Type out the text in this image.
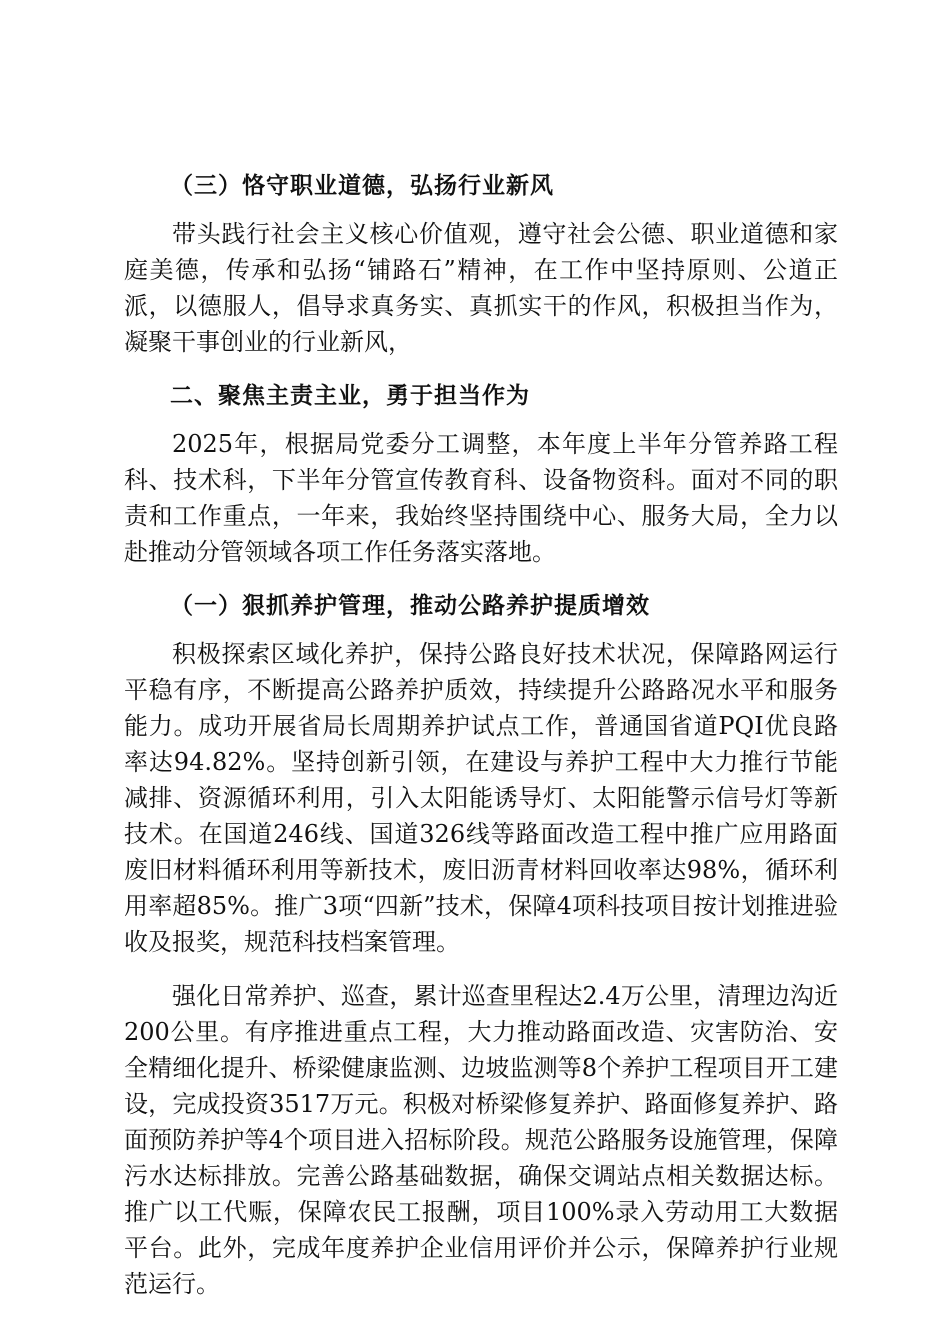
（三）恪守职业道德，弘扬行业新风

带头践行社会主义核心价值观，遵守社会公德、职业道德和家庭美德，传承和弘扬“铺路石”精神，在工作中坚持原则、公道正派，以德服人，倡导求真务实、真抓实干的作风，积极担当作为，凝聚干事创业的行业新风，

二、聚焦主责主业，勇于担当作为

2025年，根据局党委分工调整，本年度上半年分管养路工程科、技术科，下半年分管宣传教育科、设备物资科。面对不同的职责和工作重点，一年来，我始终坚持围绕中心、服务大局，全力以赴推动分管领域各项工作任务落实落地。

（一）狠抓养护管理，推动公路养护提质增效

积极探索区域化养护，保持公路良好技术状况，保障路网运行平稳有序，不断提高公路养护质效，持续提升公路路况水平和服务能力。成功开展省局长周期养护试点工作，普通国省道PQI优良路率达94.82%。坚持创新引领，在建设与养护工程中大力推行节能减排、资源循环利用，引入太阳能诱导灯、太阳能警示信号灯等新技术。在国道246线、国道326线等路面改造工程中推广应用路面废旧材料循环利用等新技术，废旧沥青材料回收率达98%，循环利用率超85%。推广3项“四新”技术，保障4项科技项目按计划推进验收及报奖，规范科技档案管理。

强化日常养护、巡查，累计巡查里程达2.4万公里，清理边沟近200公里。有序推进重点工程，大力推动路面改造、灾害防治、安全精细化提升、桥梁健康监测、边坡监测等8个养护工程项目开工建设，完成投资3517万元。积极对桥梁修复养护、路面修复养护、路面预防养护等4个项目进入招标阶段。规范公路服务设施管理，保障污水达标排放。完善公路基础数据，确保交调站点相关数据达标。推广以工代赈，保障农民工报酬，项目100%录入劳动用工大数据平台。此外，完成年度养护企业信用评价并公示，保障养护行业规范运行。
